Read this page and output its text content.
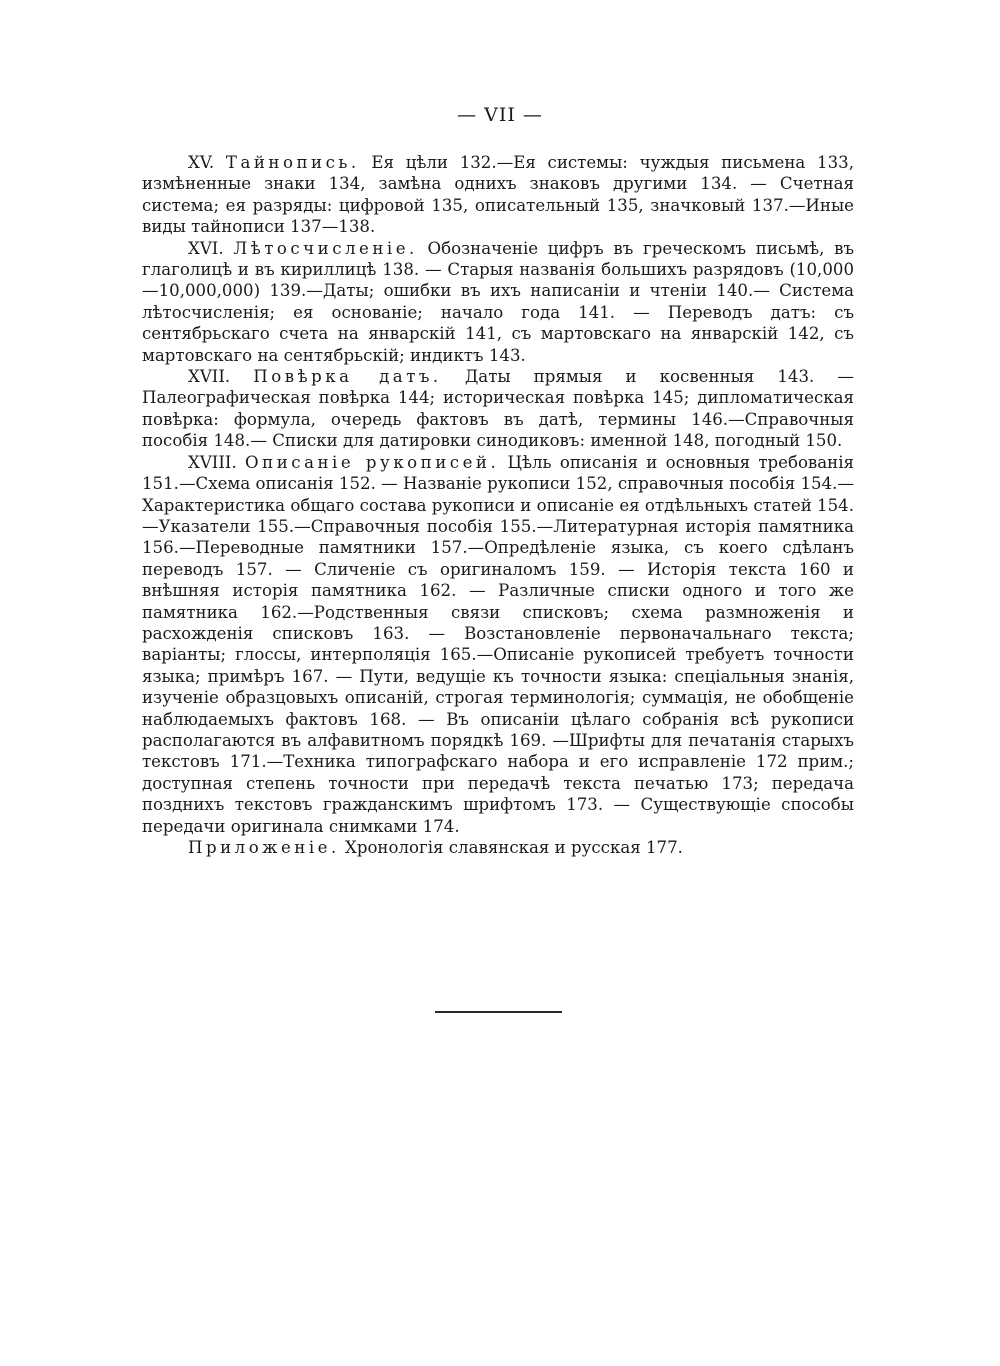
— VII —

XV. Тайнопись. Ея цѣли 132.—Ея системы: чуждыя письмена 133, измѣненные знаки 134, замѣна однихъ знаковъ другими 134. — Счетная система; ея разряды: цифровой 135, описательный 135, значковый 137.—Иные виды тайнописи 137—138.

XVI. Лѣтосчисленіе. Обозначеніе цифръ въ греческомъ письмѣ, въ глаголицѣ и въ кириллицѣ 138. — Старыя названія большихъ разрядовъ (10,000—10,000,000) 139.—Даты; ошибки въ ихъ написаніи и чтеніи 140.— Система лѣтосчисленія; ея основаніе; начало года 141. — Переводъ датъ: съ сентябрьскаго счета на январскій 141, съ мартовскаго на январскій 142, съ мартовскаго на сентябрьскій; индиктъ 143.

XVII. Повѣрка датъ. Даты прямыя и косвенныя 143. — Палеографическая повѣрка 144; историческая повѣрка 145; дипломатическая повѣрка: формула, очередь фактовъ въ датѣ, термины 146.—Справочныя пособія 148.— Списки для датировки синодиковъ: именной 148, погодный 150.

XVIII. Описаніе рукописей. Цѣль описанія и основныя требованія 151.—Схема описанія 152. — Названіе рукописи 152, справочныя пособія 154.—Характеристика общаго состава рукописи и описаніе ея отдѣльныхъ статей 154.—Указатели 155.—Справочныя пособія 155.—Литературная исторія памятника 156.—Переводные памятники 157.—Опредѣленіе языка, съ коего сдѣланъ переводъ 157. — Сличеніе съ оригиналомъ 159. — Исторія текста 160 и внѣшняя исторія памятника 162. — Различные списки одного и того же памятника 162.—Родственныя связи списковъ; схема размноженія и расхожденія списковъ 163. — Возстановленіе первоначальнаго текста; варіанты; глоссы, интерполяція 165.—Описаніе рукописей требуетъ точности языка; примѣръ 167. — Пути, ведущіе къ точности языка: спеціальныя знанія, изученіе образцовыхъ описаній, строгая терминологія; суммація, не обобщеніе наблюдаемыхъ фактовъ 168. — Въ описаніи цѣлаго собранія всѣ рукописи располагаются въ алфавитномъ порядкѣ 169. —Шрифты для печатанія старыхъ текстовъ 171.—Техника типографскаго набора и его исправленіе 172 прим.; доступная степень точности при передачѣ текста печатью 173; передача позднихъ текстовъ гражданскимъ шрифтомъ 173. — Существующіе способы передачи оригинала снимками 174.

Приложеніе. Хронологія славянская и русская 177.
